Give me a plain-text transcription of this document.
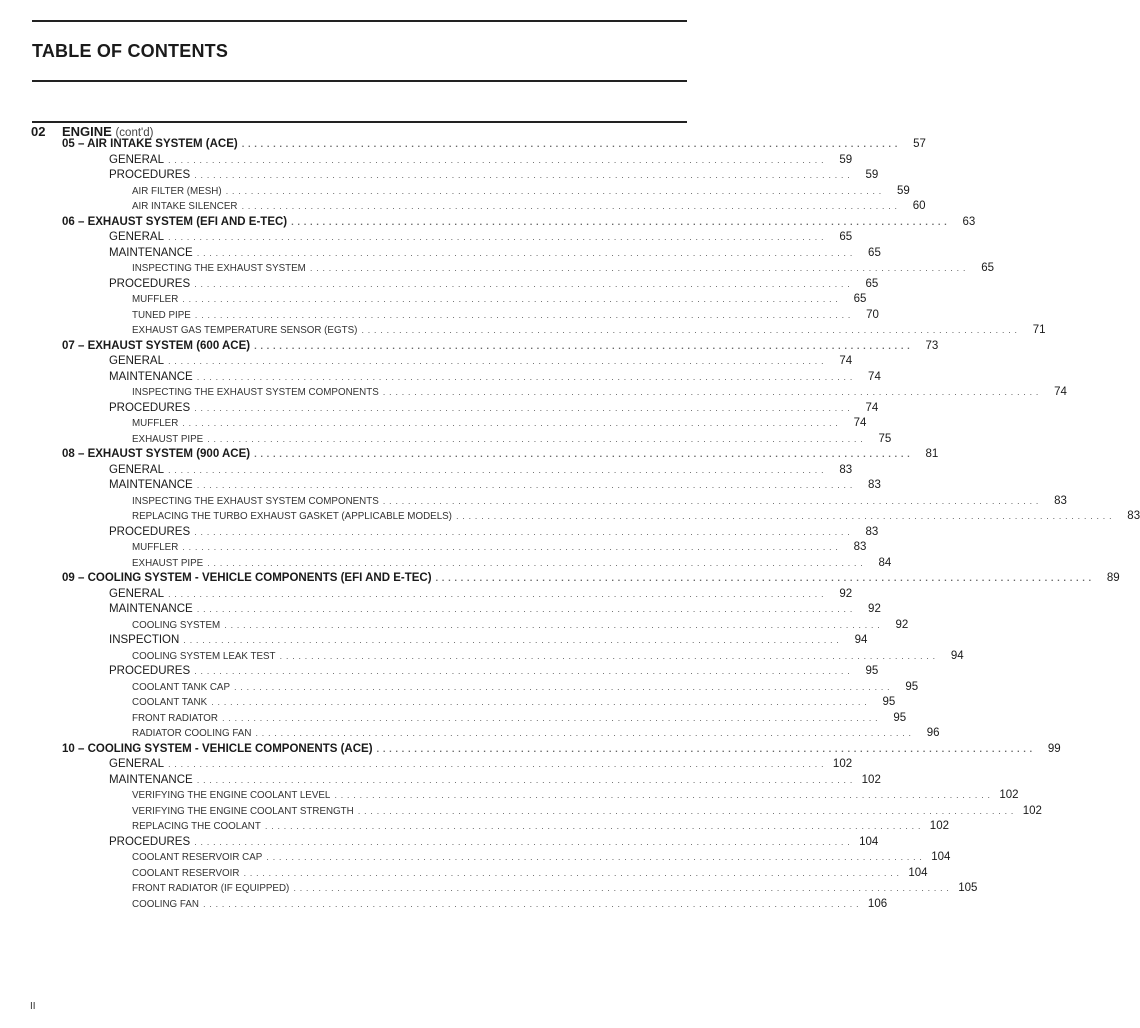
TABLE OF CONTENTS
02 ENGINE (cont'd)
05 – AIR INTAKE SYSTEM (ACE) . . . . . . . . . . . . . . . . . . . . . . . . . . . . . . . . . . . . . . . . . . . . . . . . . . . . . . . . . . . . . . . . . . . . . . . . . . . . . . . . . . . . . . . . . . . . . . . . . . . . . . . . .	57
GENERAL . . . . . . . . . . . . . . . . . . . . . . . . . . . . . . . . . . . . . . . . . . . . . . . . . . . . . . . . . . . . . . . . . . . . . . . . . . . . . . . . . . . . . . . . . . . . . . . . . . . . . . . . .	59
PROCEDURES . . . . . . . . . . . . . . . . . . . . . . . . . . . . . . . . . . . . . . . . . . . . . . . . . . . . . . . . . . . . . . . . . . . . . . . . . . . . . . . . . . . . . . . . . . . . . . . . . . . . . . . . .	59
AIR FILTER (MESH) . . . . . . . . . . . . . . . . . . . . . . . . . . . . . . . . . . . . . . . . . . . . . . . . . . . . . . . . . . . . . . . . . . . . . . . . . . . . . . . . . . . . . . . . . . . . . . . . . . . . . . . . .	59
AIR INTAKE SILENCER . . . . . . . . . . . . . . . . . . . . . . . . . . . . . . . . . . . . . . . . . . . . . . . . . . . . . . . . . . . . . . . . . . . . . . . . . . . . . . . . . . . . . . . . . . . . . . . . . . . . . . . . .	60
06 – EXHAUST SYSTEM (EFI AND E-TEC) . . . . . . . . . . . . . . . . . . . . . . . . . . . . . . . . . . . . . . . . . . . . . . . . . . . . . . . . . . . . . . . . . . . . . . . . . . . . . . . . . . . . . . . . . . . . . . . . . . . . . . . . .	63
GENERAL . . . . . . . . . . . . . . . . . . . . . . . . . . . . . . . . . . . . . . . . . . . . . . . . . . . . . . . . . . . . . . . . . . . . . . . . . . . . . . . . . . . . . . . . . . . . . . . . . . . . . . . . .	65
MAINTENANCE . . . . . . . . . . . . . . . . . . . . . . . . . . . . . . . . . . . . . . . . . . . . . . . . . . . . . . . . . . . . . . . . . . . . . . . . . . . . . . . . . . . . . . . . . . . . . . . . . . . . . . . . .	65
INSPECTING THE EXHAUST SYSTEM . . . . . . . . . . . . . . . . . . . . . . . . . . . . . . . . . . . . . . . . . . . . . . . . . . . . . . . . . . . . . . . . . . . . . . . . . . . . . . . . . . . . . . . . . . . . . . . . . . . . . . . . .	65
PROCEDURES . . . . . . . . . . . . . . . . . . . . . . . . . . . . . . . . . . . . . . . . . . . . . . . . . . . . . . . . . . . . . . . . . . . . . . . . . . . . . . . . . . . . . . . . . . . . . . . . . . . . . . . . .	65
MUFFLER . . . . . . . . . . . . . . . . . . . . . . . . . . . . . . . . . . . . . . . . . . . . . . . . . . . . . . . . . . . . . . . . . . . . . . . . . . . . . . . . . . . . . . . . . . . . . . . . . . . . . . . . .	65
TUNED PIPE . . . . . . . . . . . . . . . . . . . . . . . . . . . . . . . . . . . . . . . . . . . . . . . . . . . . . . . . . . . . . . . . . . . . . . . . . . . . . . . . . . . . . . . . . . . . . . . . . . . . . . . . .	70
EXHAUST GAS TEMPERATURE SENSOR (EGTS) . . . . . . . . . . . . . . . . . . . . . . . . . . . . . . . . . . . . . . . . . . . . . . . . . . . . . . . . . . . . . . . . . . . . . . . . . . . . . . . . . . . . . . . . . . . . . . . . . . . . . . . . .	71
07 – EXHAUST SYSTEM (600 ACE) . . . . . . . . . . . . . . . . . . . . . . . . . . . . . . . . . . . . . . . . . . . . . . . . . . . . . . . . . . . . . . . . . . . . . . . . . . . . . . . . . . . . . . . . . . . . . . . . . . . . . . . . .	73
GENERAL . . . . . . . . . . . . . . . . . . . . . . . . . . . . . . . . . . . . . . . . . . . . . . . . . . . . . . . . . . . . . . . . . . . . . . . . . . . . . . . . . . . . . . . . . . . . . . . . . . . . . . . . .	74
MAINTENANCE . . . . . . . . . . . . . . . . . . . . . . . . . . . . . . . . . . . . . . . . . . . . . . . . . . . . . . . . . . . . . . . . . . . . . . . . . . . . . . . . . . . . . . . . . . . . . . . . . . . . . . . . .	74
INSPECTING THE EXHAUST SYSTEM COMPONENTS . . . . . . . . . . . . . . . . . . . . . . . . . . . . . . . . . . . . . . . . . . . . . . . . . . . . . . . . . . . . . . . . . . . . . . . . . . . . . . . . . . . . . . . . . . . . . . . . . . . . . . . . .	74
PROCEDURES . . . . . . . . . . . . . . . . . . . . . . . . . . . . . . . . . . . . . . . . . . . . . . . . . . . . . . . . . . . . . . . . . . . . . . . . . . . . . . . . . . . . . . . . . . . . . . . . . . . . . . . . .	74
MUFFLER . . . . . . . . . . . . . . . . . . . . . . . . . . . . . . . . . . . . . . . . . . . . . . . . . . . . . . . . . . . . . . . . . . . . . . . . . . . . . . . . . . . . . . . . . . . . . . . . . . . . . . . . .	74
EXHAUST PIPE . . . . . . . . . . . . . . . . . . . . . . . . . . . . . . . . . . . . . . . . . . . . . . . . . . . . . . . . . . . . . . . . . . . . . . . . . . . . . . . . . . . . . . . . . . . . . . . . . . . . . . . . .	75
08 – EXHAUST SYSTEM (900 ACE) . . . . . . . . . . . . . . . . . . . . . . . . . . . . . . . . . . . . . . . . . . . . . . . . . . . . . . . . . . . . . . . . . . . . . . . . . . . . . . . . . . . . . . . . . . . . . . . . . . . . . . . . .	81
GENERAL . . . . . . . . . . . . . . . . . . . . . . . . . . . . . . . . . . . . . . . . . . . . . . . . . . . . . . . . . . . . . . . . . . . . . . . . . . . . . . . . . . . . . . . . . . . . . . . . . . . . . . . . .	83
MAINTENANCE . . . . . . . . . . . . . . . . . . . . . . . . . . . . . . . . . . . . . . . . . . . . . . . . . . . . . . . . . . . . . . . . . . . . . . . . . . . . . . . . . . . . . . . . . . . . . . . . . . . . . . . . .	83
INSPECTING THE EXHAUST SYSTEM COMPONENTS . . . . . . . . . . . . . . . . . . . . . . . . . . . . . . . . . . . . . . . . . . . . . . . . . . . . . . . . . . . . . . . . . . . . . . . . . . . . . . . . . . . . . . . . . . . . . . . . . . . . . . . . .	83
REPLACING THE TURBO EXHAUST GASKET (APPLICABLE MODELS) . . . . . . . . . . . . . . . . . . . . . . . . . . . . . . . . . . . . . . . . . . . . . . . . . . . . . . . . . . . . . . . . . . . . . . . . . . . . . . . . . . . . . . . . . . . . . . . . . . . . . . . . .	83
PROCEDURES . . . . . . . . . . . . . . . . . . . . . . . . . . . . . . . . . . . . . . . . . . . . . . . . . . . . . . . . . . . . . . . . . . . . . . . . . . . . . . . . . . . . . . . . . . . . . . . . . . . . . . . . .	83
MUFFLER . . . . . . . . . . . . . . . . . . . . . . . . . . . . . . . . . . . . . . . . . . . . . . . . . . . . . . . . . . . . . . . . . . . . . . . . . . . . . . . . . . . . . . . . . . . . . . . . . . . . . . . . .	83
EXHAUST PIPE . . . . . . . . . . . . . . . . . . . . . . . . . . . . . . . . . . . . . . . . . . . . . . . . . . . . . . . . . . . . . . . . . . . . . . . . . . . . . . . . . . . . . . . . . . . . . . . . . . . . . . . . .	84
09 – COOLING SYSTEM - VEHICLE COMPONENTS (EFI AND E-TEC) . . . . . . . . . . . . . . . . . . . . . . . . . . . . . . . . . . . . . . . . . . . . . . . . . . . . . . . . . . . . . . . . . . . . . . . . . . . . . . . . . . . . . . . . . . . . . . . . . . . . . . . . .	89
GENERAL . . . . . . . . . . . . . . . . . . . . . . . . . . . . . . . . . . . . . . . . . . . . . . . . . . . . . . . . . . . . . . . . . . . . . . . . . . . . . . . . . . . . . . . . . . . . . . . . . . . . . . . . .	92
MAINTENANCE . . . . . . . . . . . . . . . . . . . . . . . . . . . . . . . . . . . . . . . . . . . . . . . . . . . . . . . . . . . . . . . . . . . . . . . . . . . . . . . . . . . . . . . . . . . . . . . . . . . . . . . . .	92
COOLING SYSTEM . . . . . . . . . . . . . . . . . . . . . . . . . . . . . . . . . . . . . . . . . . . . . . . . . . . . . . . . . . . . . . . . . . . . . . . . . . . . . . . . . . . . . . . . . . . . . . . . . . . . . . . . .	92
INSPECTION . . . . . . . . . . . . . . . . . . . . . . . . . . . . . . . . . . . . . . . . . . . . . . . . . . . . . . . . . . . . . . . . . . . . . . . . . . . . . . . . . . . . . . . . . . . . . . . . . . . . . . . . .	94
COOLING SYSTEM LEAK TEST . . . . . . . . . . . . . . . . . . . . . . . . . . . . . . . . . . . . . . . . . . . . . . . . . . . . . . . . . . . . . . . . . . . . . . . . . . . . . . . . . . . . . . . . . . . . . . . . . . . . . . . . .	94
PROCEDURES . . . . . . . . . . . . . . . . . . . . . . . . . . . . . . . . . . . . . . . . . . . . . . . . . . . . . . . . . . . . . . . . . . . . . . . . . . . . . . . . . . . . . . . . . . . . . . . . . . . . . . . . .	95
COOLANT TANK CAP . . . . . . . . . . . . . . . . . . . . . . . . . . . . . . . . . . . . . . . . . . . . . . . . . . . . . . . . . . . . . . . . . . . . . . . . . . . . . . . . . . . . . . . . . . . . . . . . . . . . . . . . .	95
COOLANT TANK . . . . . . . . . . . . . . . . . . . . . . . . . . . . . . . . . . . . . . . . . . . . . . . . . . . . . . . . . . . . . . . . . . . . . . . . . . . . . . . . . . . . . . . . . . . . . . . . . . . . . . . . .	95
FRONT RADIATOR . . . . . . . . . . . . . . . . . . . . . . . . . . . . . . . . . . . . . . . . . . . . . . . . . . . . . . . . . . . . . . . . . . . . . . . . . . . . . . . . . . . . . . . . . . . . . . . . . . . . . . . . .	95
RADIATOR COOLING FAN . . . . . . . . . . . . . . . . . . . . . . . . . . . . . . . . . . . . . . . . . . . . . . . . . . . . . . . . . . . . . . . . . . . . . . . . . . . . . . . . . . . . . . . . . . . . . . . . . . . . . . . . .	96
10 – COOLING SYSTEM - VEHICLE COMPONENTS (ACE) . . . . . . . . . . . . . . . . . . . . . . . . . . . . . . . . . . . . . . . . . . . . . . . . . . . . . . . . . . . . . . . . . . . . . . . . . . . . . . . . . . . . . . . . . . . . . . . . . . . . . . . . .	99
GENERAL . . . . . . . . . . . . . . . . . . . . . . . . . . . . . . . . . . . . . . . . . . . . . . . . . . . . . . . . . . . . . . . . . . . . . . . . . . . . . . . . . . . . . . . . . . . . . . . . . . . . . . . . . 102
MAINTENANCE . . . . . . . . . . . . . . . . . . . . . . . . . . . . . . . . . . . . . . . . . . . . . . . . . . . . . . . . . . . . . . . . . . . . . . . . . . . . . . . . . . . . . . . . . . . . . . . . . . . . . . . . . 102
VERIFYING THE ENGINE COOLANT LEVEL . . . . . . . . . . . . . . . . . . . . . . . . . . . . . . . . . . . . . . . . . . . . . . . . . . . . . . . . . . . . . . . . . . . . . . . . . . . . . . . . . . . . . . . . . . . . . . . . . . . . . . . . . 102
VERIFYING THE ENGINE COOLANT STRENGTH . . . . . . . . . . . . . . . . . . . . . . . . . . . . . . . . . . . . . . . . . . . . . . . . . . . . . . . . . . . . . . . . . . . . . . . . . . . . . . . . . . . . . . . . . . . . . . . . . . . . . . . . . 102
REPLACING THE COOLANT . . . . . . . . . . . . . . . . . . . . . . . . . . . . . . . . . . . . . . . . . . . . . . . . . . . . . . . . . . . . . . . . . . . . . . . . . . . . . . . . . . . . . . . . . . . . . . . . . . . . . . . . . 102
PROCEDURES . . . . . . . . . . . . . . . . . . . . . . . . . . . . . . . . . . . . . . . . . . . . . . . . . . . . . . . . . . . . . . . . . . . . . . . . . . . . . . . . . . . . . . . . . . . . . . . . . . . . . . . . . 104
COOLANT RESERVOIR CAP . . . . . . . . . . . . . . . . . . . . . . . . . . . . . . . . . . . . . . . . . . . . . . . . . . . . . . . . . . . . . . . . . . . . . . . . . . . . . . . . . . . . . . . . . . . . . . . . . . . . . . . . . 104
COOLANT RESERVOIR . . . . . . . . . . . . . . . . . . . . . . . . . . . . . . . . . . . . . . . . . . . . . . . . . . . . . . . . . . . . . . . . . . . . . . . . . . . . . . . . . . . . . . . . . . . . . . . . . . . . . . . . . 104
FRONT RADIATOR (IF EQUIPPED) . . . . . . . . . . . . . . . . . . . . . . . . . . . . . . . . . . . . . . . . . . . . . . . . . . . . . . . . . . . . . . . . . . . . . . . . . . . . . . . . . . . . . . . . . . . . . . . . . . . . . . . . . 105
COOLING FAN . . . . . . . . . . . . . . . . . . . . . . . . . . . . . . . . . . . . . . . . . . . . . . . . . . . . . . . . . . . . . . . . . . . . . . . . . . . . . . . . . . . . . . . . . . . . . . . . . . . . . . . . . 106
II
